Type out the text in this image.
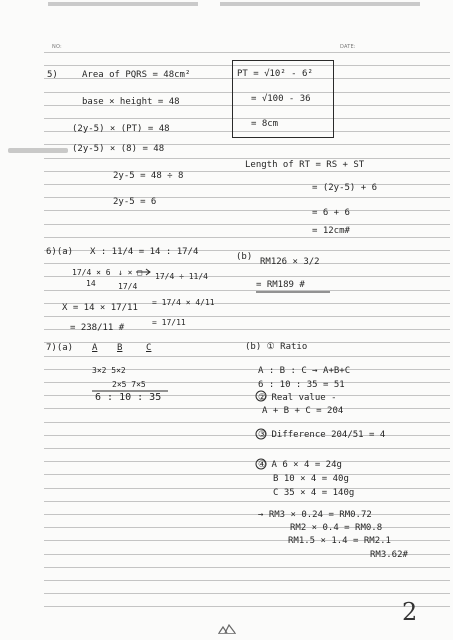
NO:	DATE:
5)	Area of PQRS = 48cm²
base × height = 48
(2y-5) × (PT) = 48
(2y-5) × (8) = 48
2y-5 = 48 ÷ 8
2y-5 = 6
PT = √10² - 6²
= √100 - 36
= 8cm
Length of RT = RS + ST
= (2y-5) + 6
= 6 + 6
= 12cm#
6)(a) X : 11/4 = 14 : 17/4
17/4 × 6
14
↓ × □
17/4
17/4 ÷ 11/4
= 17/4 × 4/11
= 17/11
X = 14 × 17/11
= 238/11 #
(b) RM126 × 3/2
= RM189 #
7)(a) A B	C
3×2 5×2
2×5 7×5
6 : 10 : 35
(b) ① Ratio
A : B : C → A+B+C
6 : 10 : 35 = 51
② Real value -
A + B + C = 204
③ Difference 204/51 = 4
④ A 6 × 4 = 24g
B 10 × 4 = 40g
C 35 × 4 = 140g
→ RM3 × 0.24 = RM0.72
RM2 × 0.4 = RM0.8
RM1.5 × 1.4 = RM2.1
RM3.62#
2
